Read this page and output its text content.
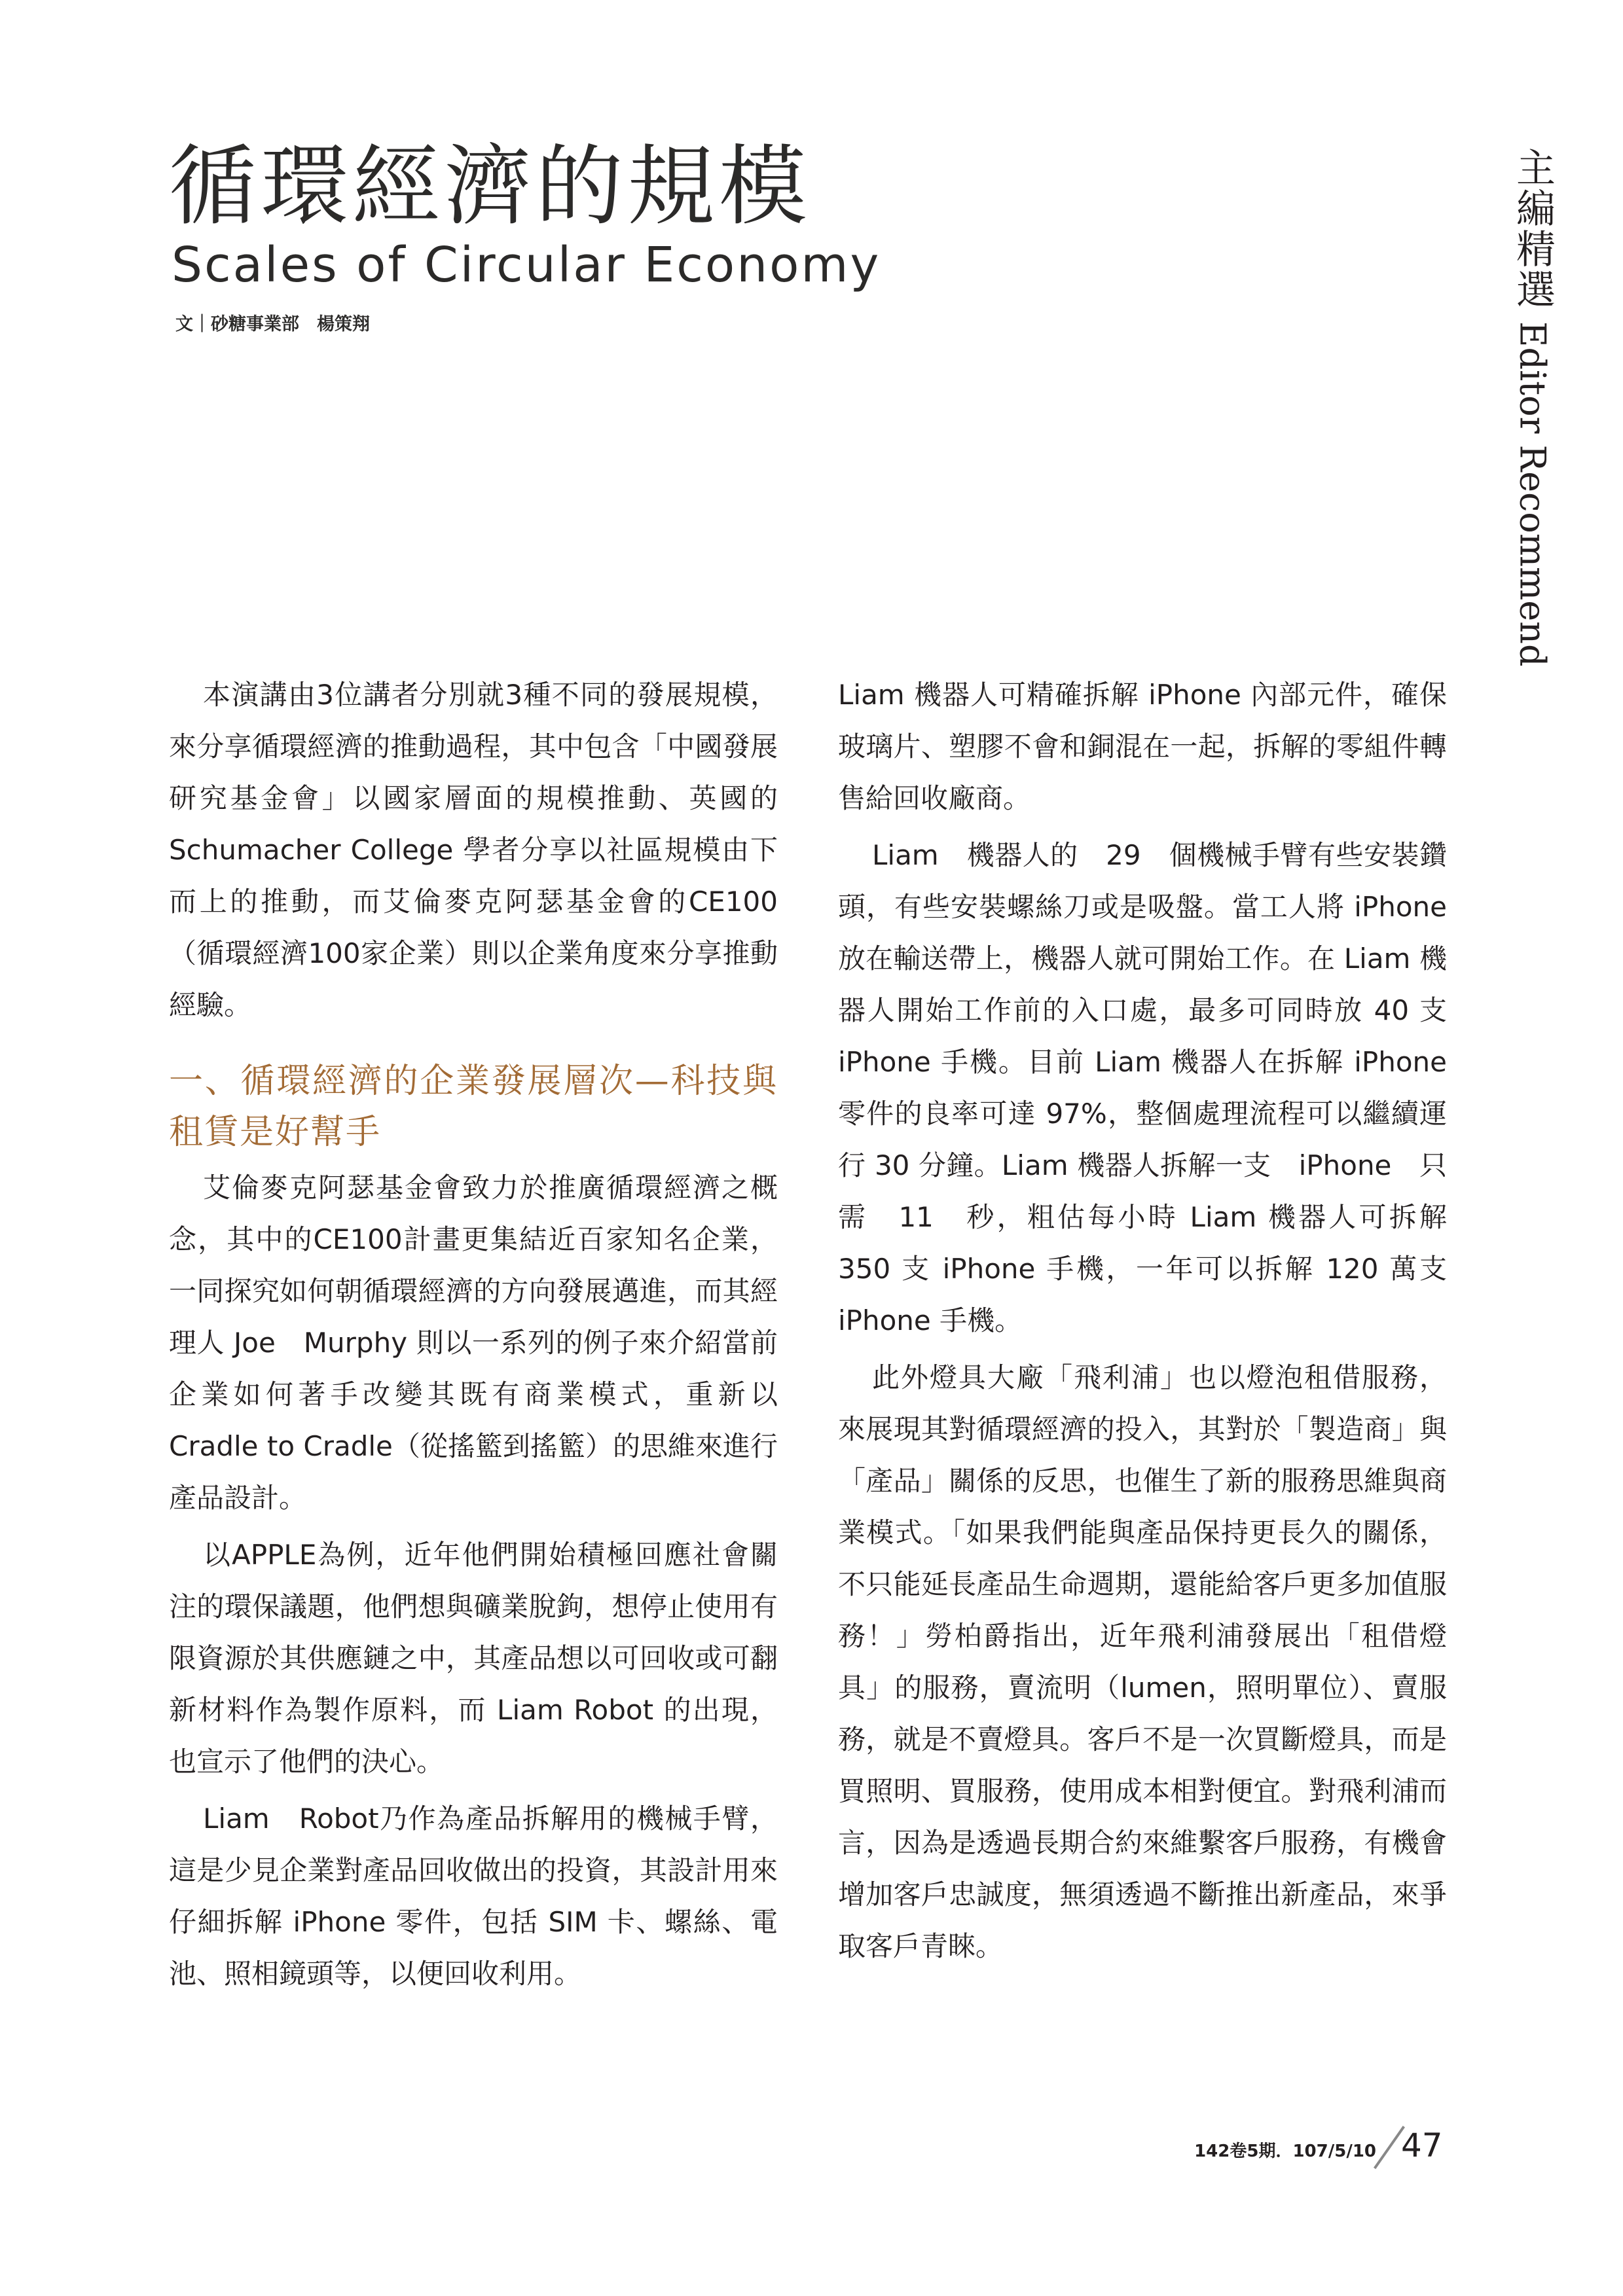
循環經濟的規模
Scales of Circular Economy
文｜砂糖事業部　楊策翔
主編精選
Editor Recommend

本演講由3位講者分別就3種不同的發展規模，來分享循環經濟的推動過程，其中包含「中國發展研究基金會」以國家層面的規模推動、英國的Schumacher College 學者分享以社區規模由下而上的推動，而艾倫麥克阿瑟基金會的CE100（循環經濟100家企業）則以企業角度來分享推動經驗。

一、循環經濟的企業發展層次—科技與租賃是好幫手

艾倫麥克阿瑟基金會致力於推廣循環經濟之概念，其中的CE100計畫更集結近百家知名企業，一同探究如何朝循環經濟的方向發展邁進，而其經理人 Joe　Murphy 則以一系列的例子來介紹當前企業如何著手改變其既有商業模式，重新以 Cradle to Cradle（從搖籃到搖籃）的思維來進行產品設計。

以APPLE為例，近年他們開始積極回應社會關注的環保議題，他們想與礦業脫鉤，想停止使用有限資源於其供應鏈之中，其產品想以可回收或可翻新材料作為製作原料，而 Liam Robot 的出現，也宣示了他們的決心。

Liam　Robot乃作為產品拆解用的機械手臂，這是少見企業對產品回收做出的投資，其設計用來仔細拆解 iPhone 零件，包括 SIM 卡、螺絲、電池、照相鏡頭等，以便回收利用。

Liam 機器人可精確拆解 iPhone 內部元件，確保玻璃片、塑膠不會和銅混在一起，拆解的零組件轉售給回收廠商。

Liam　機器人的　29　個機械手臂有些安裝鑽頭，有些安裝螺絲刀或是吸盤。當工人將 iPhone　放在輸送帶上，機器人就可開始工作。在 Liam 機器人開始工作前的入口處，最多可同時放 40 支 iPhone 手機。目前 Liam 機器人在拆解 iPhone 零件的良率可達 97%，整個處理流程可以繼續運行 30 分鐘。Liam 機器人拆解一支　iPhone　只需　11　秒，粗估每小時 Liam 機器人可拆解 350 支 iPhone 手機，一年可以拆解 120 萬支 iPhone 手機。

此外燈具大廠「飛利浦」也以燈泡租借服務，來展現其對循環經濟的投入，其對於「製造商」與「產品」關係的反思，也催生了新的服務思維與商業模式。「如果我們能與產品保持更長久的關係，不只能延長產品生命週期，還能給客戶更多加值服務！」勞柏爵指出，近年飛利浦發展出「租借燈具」的服務，賣流明（lumen，照明單位）、賣服務，就是不賣燈具。客戶不是一次買斷燈具，而是買照明、買服務，使用成本相對便宜。對飛利浦而言，因為是透過長期合約來維繫客戶服務，有機會增加客戶忠誠度，無須透過不斷推出新產品，來爭取客戶青睞。

142卷5期．107/5/10 47
